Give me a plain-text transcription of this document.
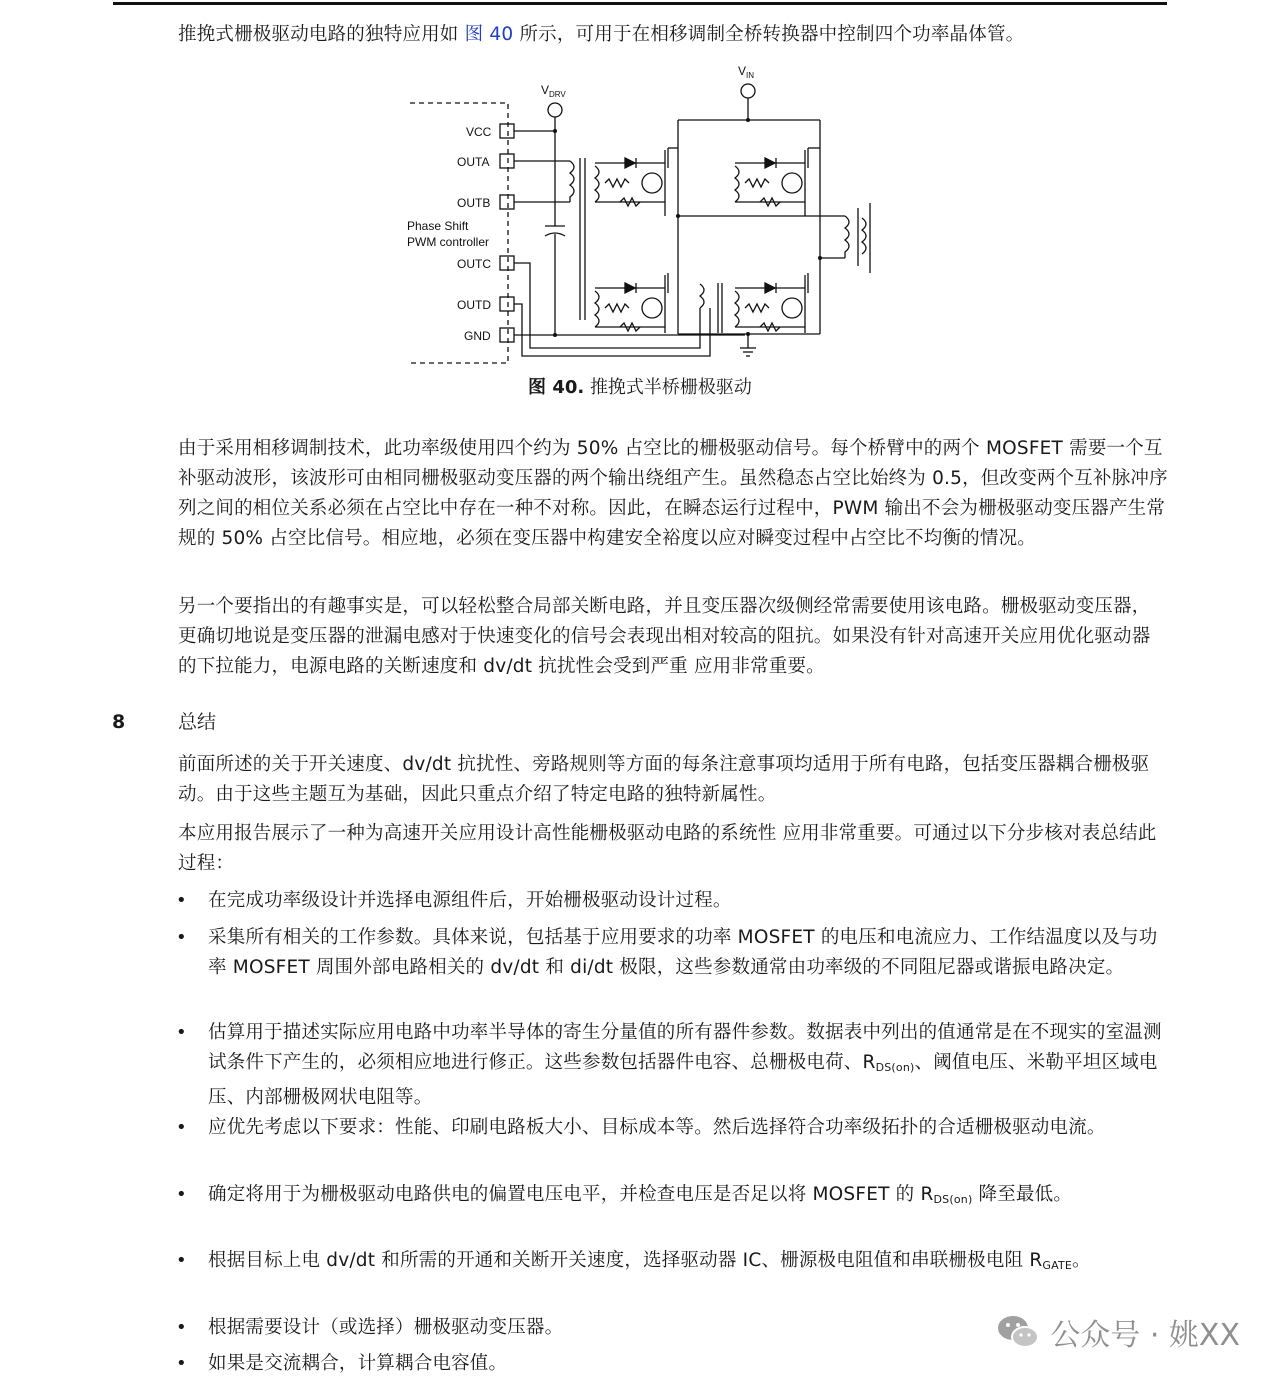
推挽式栅极驱动电路的独特应用如 图 40 所示，可用于在相移调制全桥转换器中控制四个功率晶体管。

VCC
OUTA
OUTB
OUTC
OUTD
GND
Phase Shift
PWM controller
$V_{DRV}$
$V_{IN}$
图 40. 推挽式半桥栅极驱动

由于采用相移调制技术，此功率级使用四个约为 50% 占空比的栅极驱动信号。每个桥臂中的两个 MOSFET 需要一个互补驱动波形，该波形可由相同栅极驱动变压器的两个输出绕组产生。虽然稳态占空比始终为 0.5，但改变两个互补脉冲序列之间的相位关系必须在占空比中存在一种不对称。因此，在瞬态运行过程中，PWM 输出不会为栅极驱动变压器产生常规的 50% 占空比信号。相应地，必须在变压器中构建安全裕度以应对瞬变过程中占空比不均衡的情况。

另一个要指出的有趣事实是，可以轻松整合局部关断电路，并且变压器次级侧经常需要使用该电路。栅极驱动变压器，更确切地说是变压器的泄漏电感对于快速变化的信号会表现出相对较高的阻抗。如果没有针对高速开关应用优化驱动器的下拉能力，电源电路的关断速度和 dv/dt 抗扰性会受到严重 应用非常重要。

8	总结

前面所述的关于开关速度、dv/dt 抗扰性、旁路规则等方面的每条注意事项均适用于所有电路，包括变压器耦合栅极驱动。由于这些主题互为基础，因此只重点介绍了特定电路的独特新属性。

本应用报告展示了一种为高速开关应用设计高性能栅极驱动电路的系统性 应用非常重要。可通过以下分步核对表总结此过程：

• 在完成功率级设计并选择电源组件后，开始栅极驱动设计过程。

• 采集所有相关的工作参数。具体来说，包括基于应用要求的功率 MOSFET 的电压和电流应力、工作结温度以及与功率 MOSFET 周围外部电路相关的 dv/dt 和 di/dt 极限，这些参数通常由功率级的不同阻尼器或谐振电路决定。

• 估算用于描述实际应用电路中功率半导体的寄生分量值的所有器件参数。数据表中列出的值通常是在不现实的室温测试条件下产生的，必须相应地进行修正。这些参数包括器件电容、总栅极电荷、$R_{DS(on)}$、阈值电压、米勒平坦区域电压、内部栅极网状电阻等。

• 应优先考虑以下要求：性能、印刷电路板大小、目标成本等。然后选择符合功率级拓扑的合适栅极驱动电流。

• 确定将用于为栅极驱动电路供电的偏置电压电平，并检查电压是否足以将 MOSFET 的 $R_{DS(on)}$ 降至最低。

• 根据目标上电 dv/dt 和所需的开通和关断开关速度，选择驱动器 IC、栅源极电阻值和串联栅极电阻 $R_{GATE}$。

• 根据需要设计（或选择）栅极驱动变压器。

• 如果是交流耦合，计算耦合电容值。

公众号 · 姚XX
